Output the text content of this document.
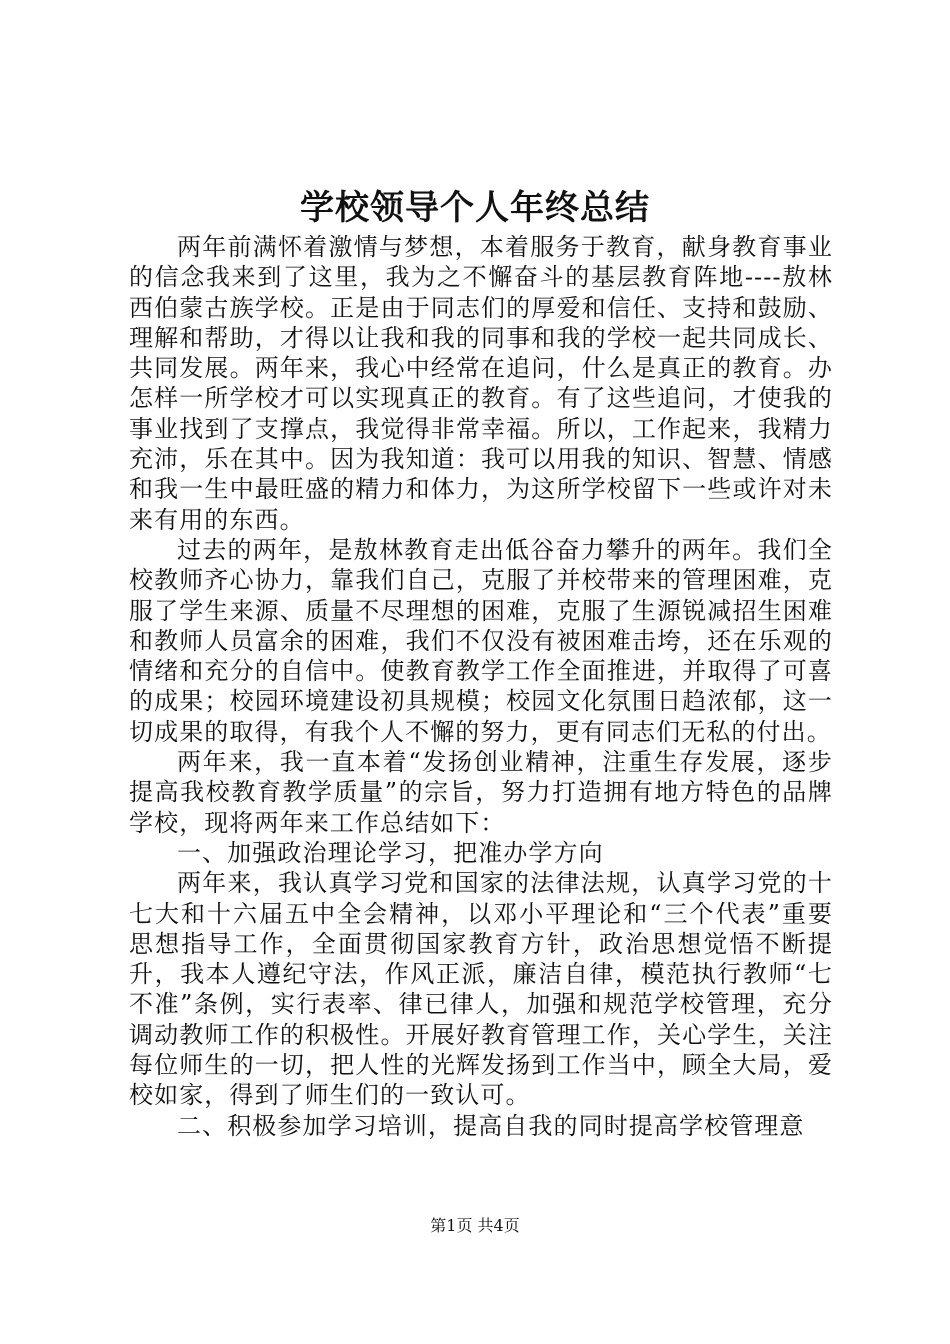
学校领导个人年终总结

两年前满怀着激情与梦想，本着服务于教育，献身教育事业的信念我来到了这里，我为之不懈奋斗的基层教育阵地----敖林西伯蒙古族学校。正是由于同志们的厚爱和信任、支持和鼓励、理解和帮助，才得以让我和我的同事和我的学校一起共同成长、共同发展。两年来，我心中经常在追问，什么是真正的教育。办怎样一所学校才可以实现真正的教育。有了这些追问，才使我的事业找到了支撑点，我觉得非常幸福。所以，工作起来，我精力充沛，乐在其中。因为我知道：我可以用我的知识、智慧、情感和我一生中最旺盛的精力和体力，为这所学校留下一些或许对未来有用的东西。

过去的两年，是敖林教育走出低谷奋力攀升的两年。我们全校教师齐心协力，靠我们自己，克服了并校带来的管理困难，克服了学生来源、质量不尽理想的困难，克服了生源锐减招生困难和教师人员富余的困难，我们不仅没有被困难击垮，还在乐观的情绪和充分的自信中。使教育教学工作全面推进，并取得了可喜的成果；校园环境建设初具规模；校园文化氛围日趋浓郁，这一切成果的取得，有我个人不懈的努力，更有同志们无私的付出。

两年来，我一直本着“发扬创业精神，注重生存发展，逐步提高我校教育教学质量”的宗旨，努力打造拥有地方特色的品牌学校，现将两年来工作总结如下：

一、加强政治理论学习，把准办学方向

两年来，我认真学习党和国家的法律法规，认真学习党的十七大和十六届五中全会精神，以邓小平理论和“三个代表”重要思想指导工作，全面贯彻国家教育方针，政治思想觉悟不断提升，我本人遵纪守法，作风正派，廉洁自律，模范执行教师“七不准”条例，实行表率、律已律人，加强和规范学校管理，充分调动教师工作的积极性。开展好教育管理工作，关心学生，关注每位师生的一切，把人性的光辉发扬到工作当中，顾全大局，爱校如家，得到了师生们的一致认可。

二、积极参加学习培训，提高自我的同时提高学校管理意

第1页 共4页
